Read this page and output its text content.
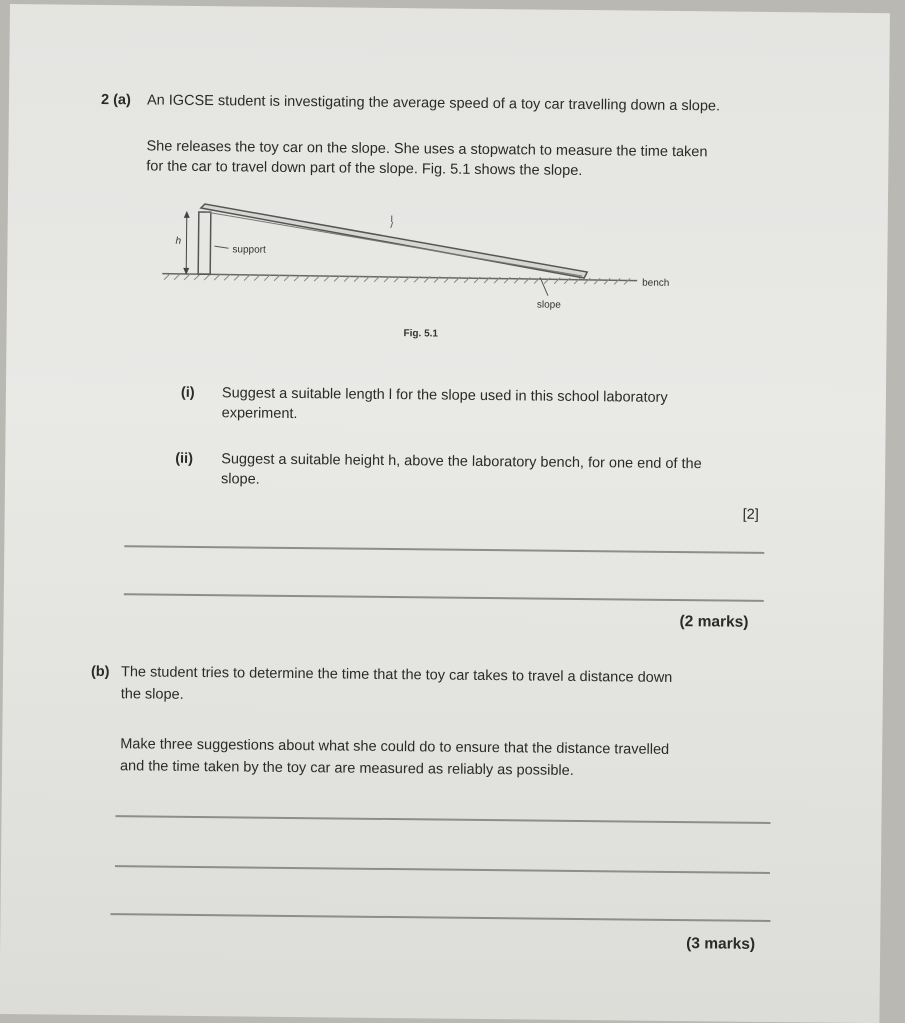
2 (a) An IGCSE student is investigating the average speed of a toy car travelling down a slope.
She releases the toy car on the slope. She uses a stopwatch to measure the time taken
for the car to travel down part of the slope. Fig. 5.1 shows the slope.
l
h
support
bench
slope
Fig. 5.1
(i) Suggest a suitable length l for the slope used in this school laboratory
experiment.
(ii) Suggest a suitable height h, above the laboratory bench, for one end of the
slope.
[2]
(2 marks)
(b) The student tries to determine the time that the toy car takes to travel a distance down
the slope.
Make three suggestions about what she could do to ensure that the distance travelled
and the time taken by the toy car are measured as reliably as possible.
(3 marks)
